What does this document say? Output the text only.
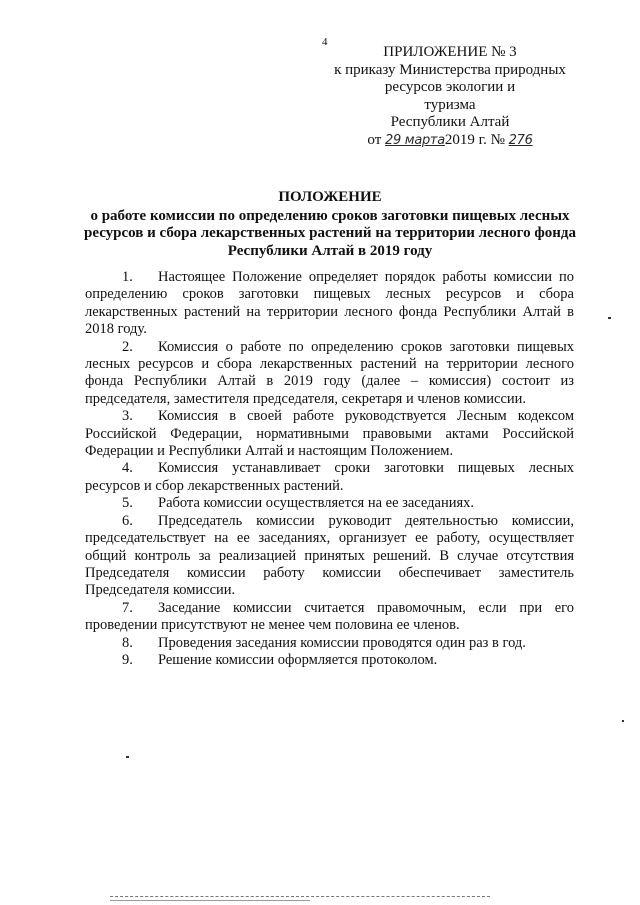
4
ПРИЛОЖЕНИЕ № 3
к приказу Министерства природных
ресурсов экологии и
туризма
Республики Алтай
от 29 марта2019 г. № 276
ПОЛОЖЕНИЕ
о работе комиссии по определению сроков заготовки пищевых лесных
ресурсов и сбора лекарственных растений на территории лесного фонда
Республики Алтай в 2019 году

1. Настоящее Положение определяет порядок работы комиссии по определению сроков заготовки пищевых лесных ресурсов и сбора лекарственных растений на территории лесного фонда Республики Алтай в 2018 году.

2. Комиссия о работе по определению сроков заготовки пищевых лесных ресурсов и сбора лекарственных растений на территории лесного фонда Республики Алтай в 2019 году (далее – комиссия) состоит из председателя, заместителя председателя, секретаря и членов комиссии.

3. Комиссия в своей работе руководствуется Лесным кодексом Российской Федерации, нормативными правовыми актами Российской Федерации и Республики Алтай и настоящим Положением.

4. Комиссия устанавливает сроки заготовки пищевых лесных ресурсов и сбор лекарственных растений.

5. Работа комиссии осуществляется на ее заседаниях.

6. Председатель комиссии руководит деятельностью комиссии, председательствует на ее заседаниях, организует ее работу, осуществляет общий контроль за реализацией принятых решений. В случае отсутствия Председателя комиссии работу комиссии обеспечивает заместитель Председателя комиссии.

7. Заседание комиссии считается правомочным, если при его проведении присутствуют не менее чем половина ее членов.

8. Проведения заседания комиссии проводятся один раз в год.

9. Решение комиссии оформляется протоколом.
